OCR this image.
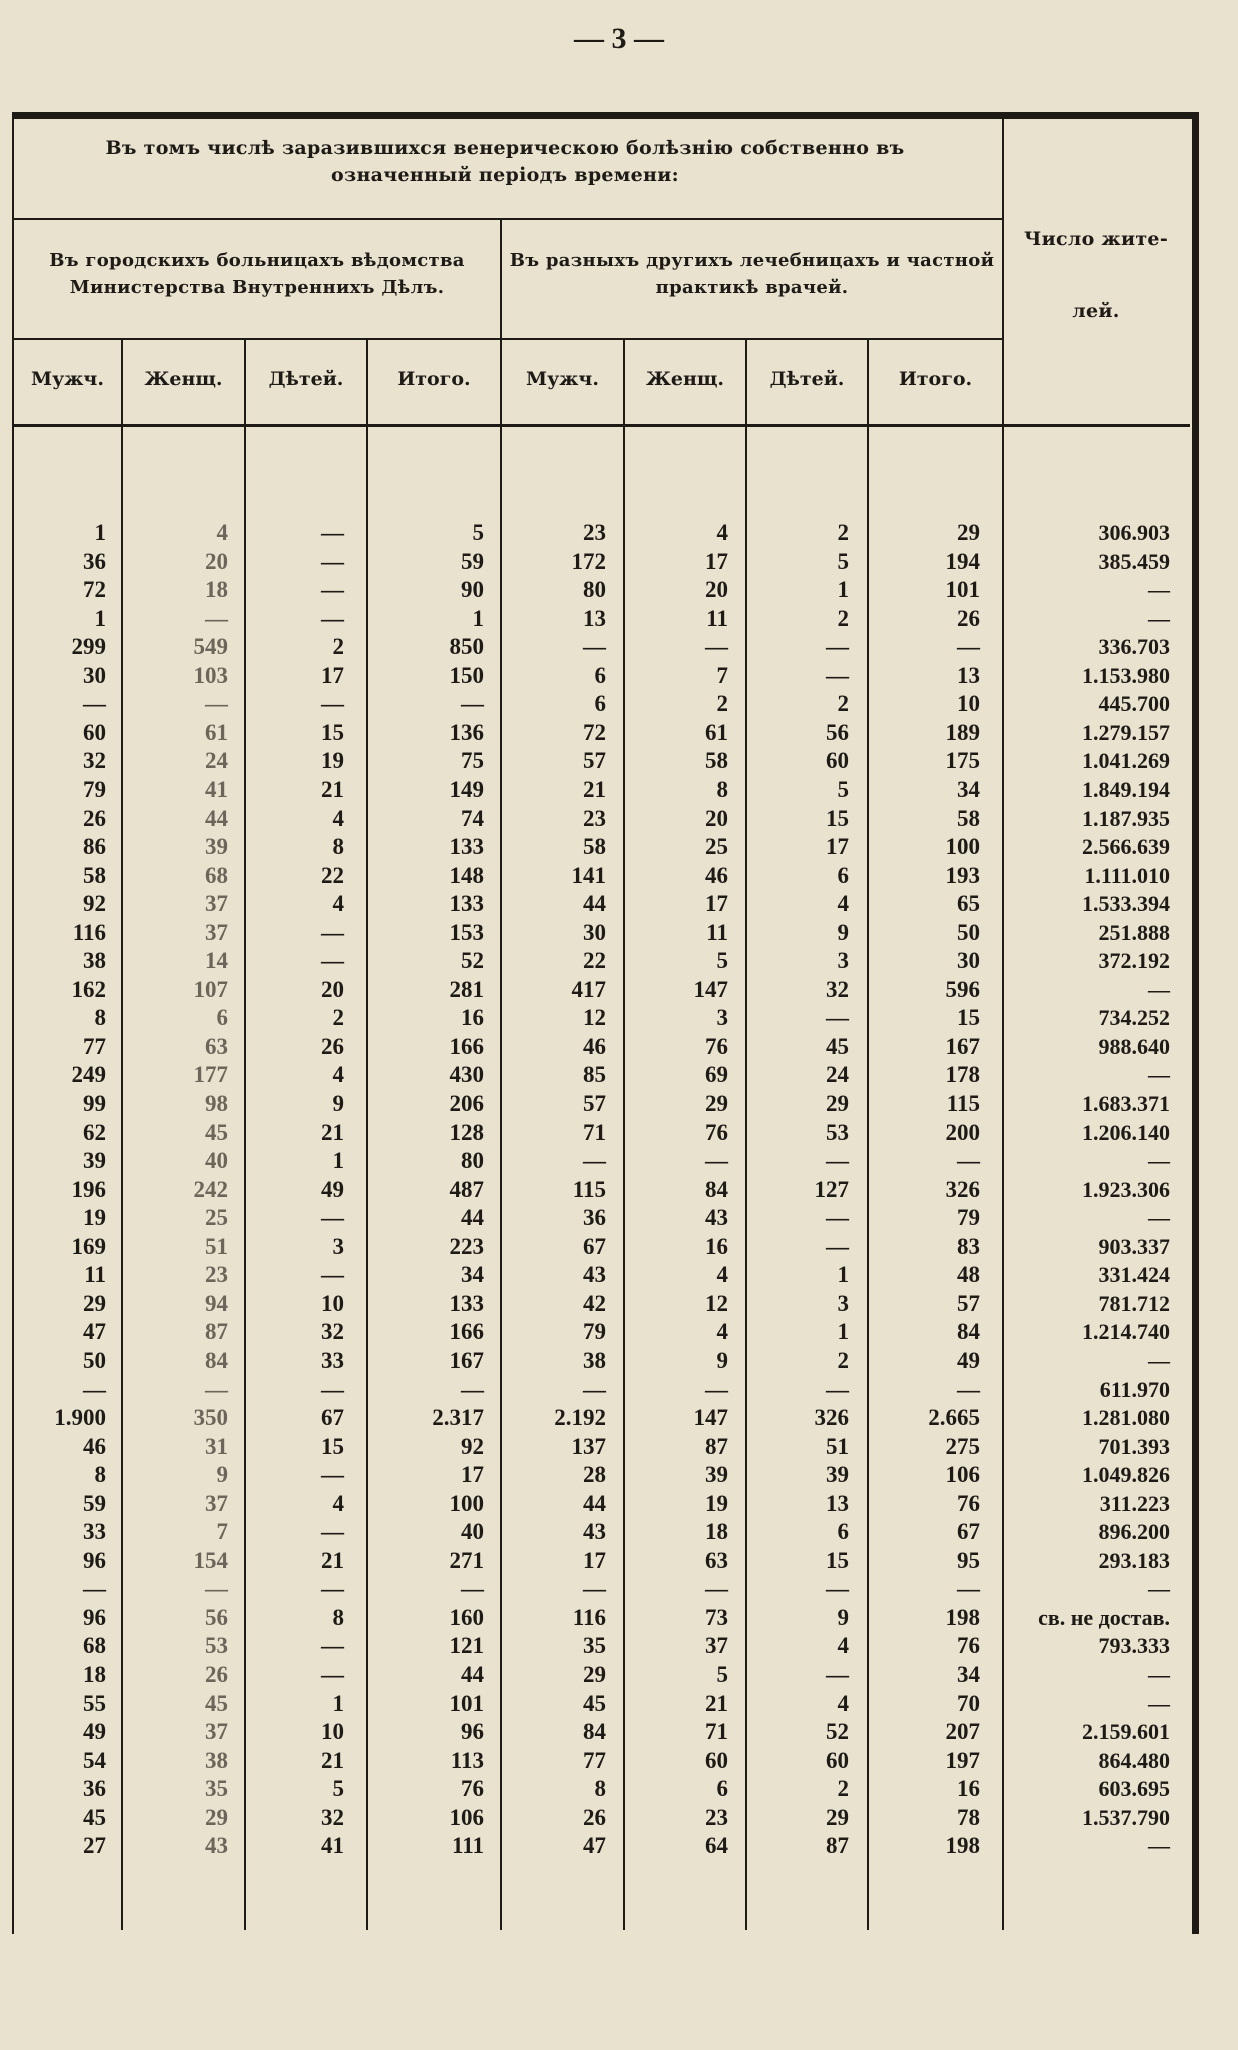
— 3 —
Въ томъ числѣ заразившихся венерическою болѣзнію собственно въ означенный періодъ времени:
Въ городскихъ больницахъ вѣдомства Министерства Внутреннихъ Дѣлъ.
Въ разныхъ другихъ лечебницахъ и частной практикѣ врачей.
Число жите-
лей.
Мужч.	Женщ.	Дѣтей.	Итого.	Мужч.	Женщ.	Дѣтей.	Итого.
1	4	—	5	23	4	2	29	306.903
36	20	—	59	172	17	5	194	385.459
72	18	—	90	80	20	1	101	—
1	—	—	1	13	11	2	26	—
299	549	2	850	—	—	—	—	336.703
30	103	17	150	6	7	—	13	1.153.980
—	—	—	—	6	2	2	10	445.700
60	61	15	136	72	61	56	189	1.279.157
32	24	19	75	57	58	60	175	1.041.269
79	41	21	149	21	8	5	34	1.849.194
26	44	4	74	23	20	15	58	1.187.935
86	39	8	133	58	25	17	100	2.566.639
58	68	22	148	141	46	6	193	1.111.010
92	37	4	133	44	17	4	65	1.533.394
116	37	—	153	30	11	9	50	251.888
38	14	—	52	22	5	3	30	372.192
162	107	20	281	417	147	32	596	—
8	6	2	16	12	3	—	15	734.252
77	63	26	166	46	76	45	167	988.640
249	177	4	430	85	69	24	178	—
99	98	9	206	57	29	29	115	1.683.371
62	45	21	128	71	76	53	200	1.206.140
39	40	1	80	—	—	—	—	—
196	242	49	487	115	84	127	326	1.923.306
19	25	—	44	36	43	—	79	—
169	51	3	223	67	16	—	83	903.337
11	23	—	34	43	4	1	48	331.424
29	94	10	133	42	12	3	57	781.712
47	87	32	166	79	4	1	84	1.214.740
50	84	33	167	38	9	2	49	—
—	—	—	—	—	—	—	—	611.970
1.900	350	67	2.317	2.192	147	326	2.665	1.281.080
46	31	15	92	137	87	51	275	701.393
8	9	—	17	28	39	39	106	1.049.826
59	37	4	100	44	19	13	76	311.223
33	7	—	40	43	18	6	67	896.200
96	154	21	271	17	63	15	95	293.183
—	—	—	—	—	—	—	—	—
96	56	8	160	116	73	9	198	св. не достав.
68	53	—	121	35	37	4	76	793.333
18	26	—	44	29	5	—	34	—
55	45	1	101	45	21	4	70	—
49	37	10	96	84	71	52	207	2.159.601
54	38	21	113	77	60	60	197	864.480
36	35	5	76	8	6	2	16	603.695
45	29	32	106	26	23	29	78	1.537.790
27	43	41	111	47	64	87	198	—
